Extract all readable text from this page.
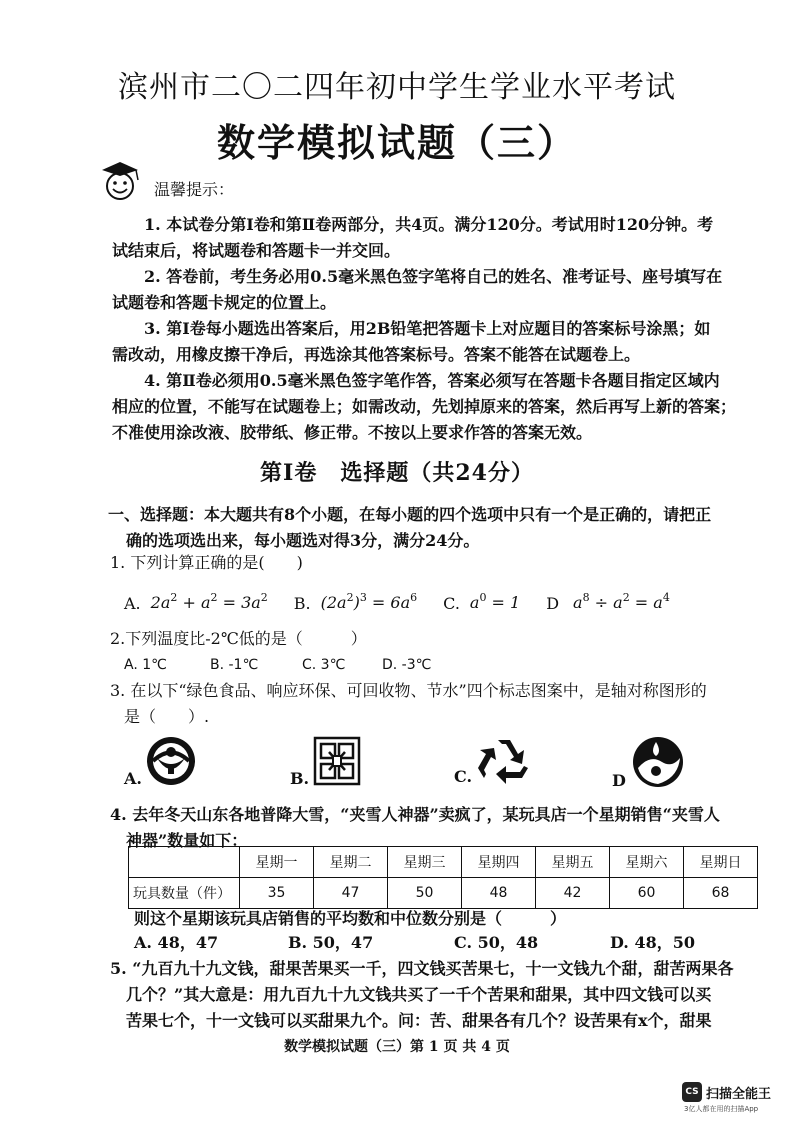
滨州市二〇二四年初中学生学业水平考试
数学模拟试题（三）
温馨提示：

1. 本试卷分第Ⅰ卷和第Ⅱ卷两部分，共4页。满分120分。考试用时120分钟。考

试结束后，将试题卷和答题卡一并交回。

2. 答卷前，考生务必用0.5毫米黑色签字笔将自己的姓名、准考证号、座号填写在

试题卷和答题卡规定的位置上。

3. 第Ⅰ卷每小题选出答案后，用2B铅笔把答题卡上对应题目的答案标号涂黑；如

需改动，用橡皮擦干净后，再选涂其他答案标号。答案不能答在试题卷上。

4. 第Ⅱ卷必须用0.5毫米黑色签字笔作答，答案必须写在答题卡各题目指定区域内

相应的位置，不能写在试题卷上；如需改动，先划掉原来的答案，然后再写上新的答案；

不准使用涂改液、胶带纸、修正带。不按以上要求作答的答案无效。

第Ⅰ卷　选择题（共24分）
一、选择题：本大题共有8个小题，在每小题的四个选项中只有一个是正确的，请把正
确的选项选出来，每小题选对得3分，满分24分。
1. 下列计算正确的是(　　)
A. $2a^2 + a^2 = 3a^2$ B. $(2a^2)^3 = 6a^6$ C. $a^0 = 1$ D $a^8 \div a^2 = a^4$
2.下列温度比-2℃低的是（　　　）
A. 1℃	B. -1℃	C. 3℃	D. -3℃
3. 在以下“绿色食品、响应环保、可回收物、节水”四个标志图案中，是轴对称图形的
是（　　）.
A.	B.	C.	D
4. 去年冬天山东各地普降大雪，“夹雪人神器”卖疯了，某玩具店一个星期销售“夹雪人
神器”数量如下：
	星期一	星期二	星期三	星期四	星期五	星期六	星期日
玩具数量（件）	35	47	50	48	42	60	68
则这个星期该玩具店销售的平均数和中位数分别是（　　　）
A. 48，47	B. 50，47	C. 50，48	D. 48，50
5. “九百九十九文钱，甜果苦果买一千，四文钱买苦果七，十一文钱九个甜，甜苦两果各
几个？”其大意是：用九百九十九文钱共买了一千个苦果和甜果，其中四文钱可以买
苦果七个，十一文钱可以买甜果九个。问：苦、甜果各有几个？设苦果有x个，甜果
数学模拟试题（三）第 1 页 共 4 页
CS 扫描全能王
3亿人都在用的扫描App
